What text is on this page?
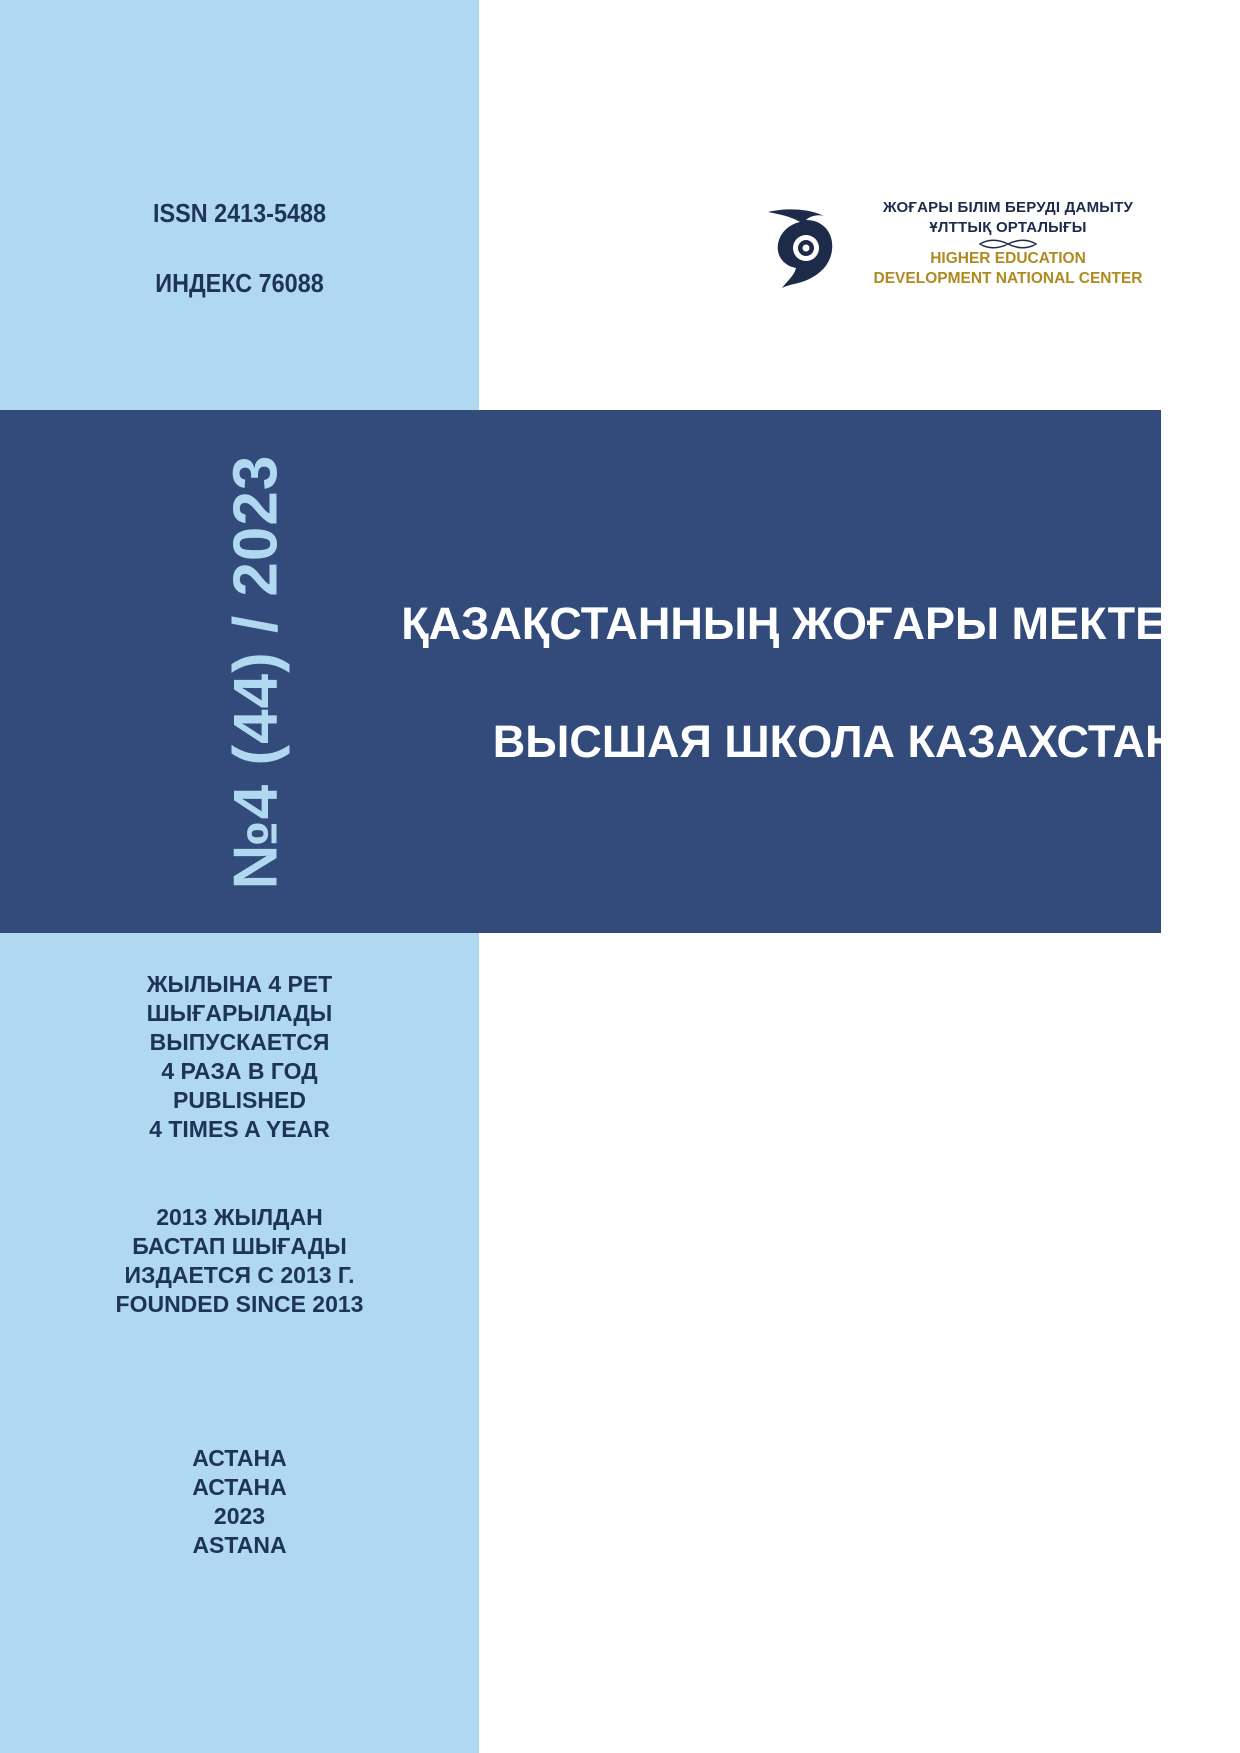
ISSN 2413-5488
ИНДЕКС 76088
ЖОҒАРЫ БІЛІМ БЕРУДІ ДАМЫТУ
ҰЛТТЫҚ ОРТАЛЫҒЫ
HIGHER EDUCATION
DEVELOPMENT NATIONAL CENTER
№4 (44) / 2023 ҚАЗАҚСТАННЫҢ ЖОҒАРЫ МЕКТЕБІ
ВЫСШАЯ ШКОЛА КАЗАХСТАНА
ЖЫЛЫНА 4 РЕТ
ШЫҒАРЫЛАДЫ
ВЫПУСКАЕТСЯ
4 РАЗА В ГОД
PUBLISHED
4 TIMES A YEAR
2013 ЖЫЛДАН
БАСТАП ШЫҒАДЫ
ИЗДАЕТСЯ С 2013 Г.
FOUNDED SINCE 2013
АСТАНА
АСТАНА
2023
ASTANA
